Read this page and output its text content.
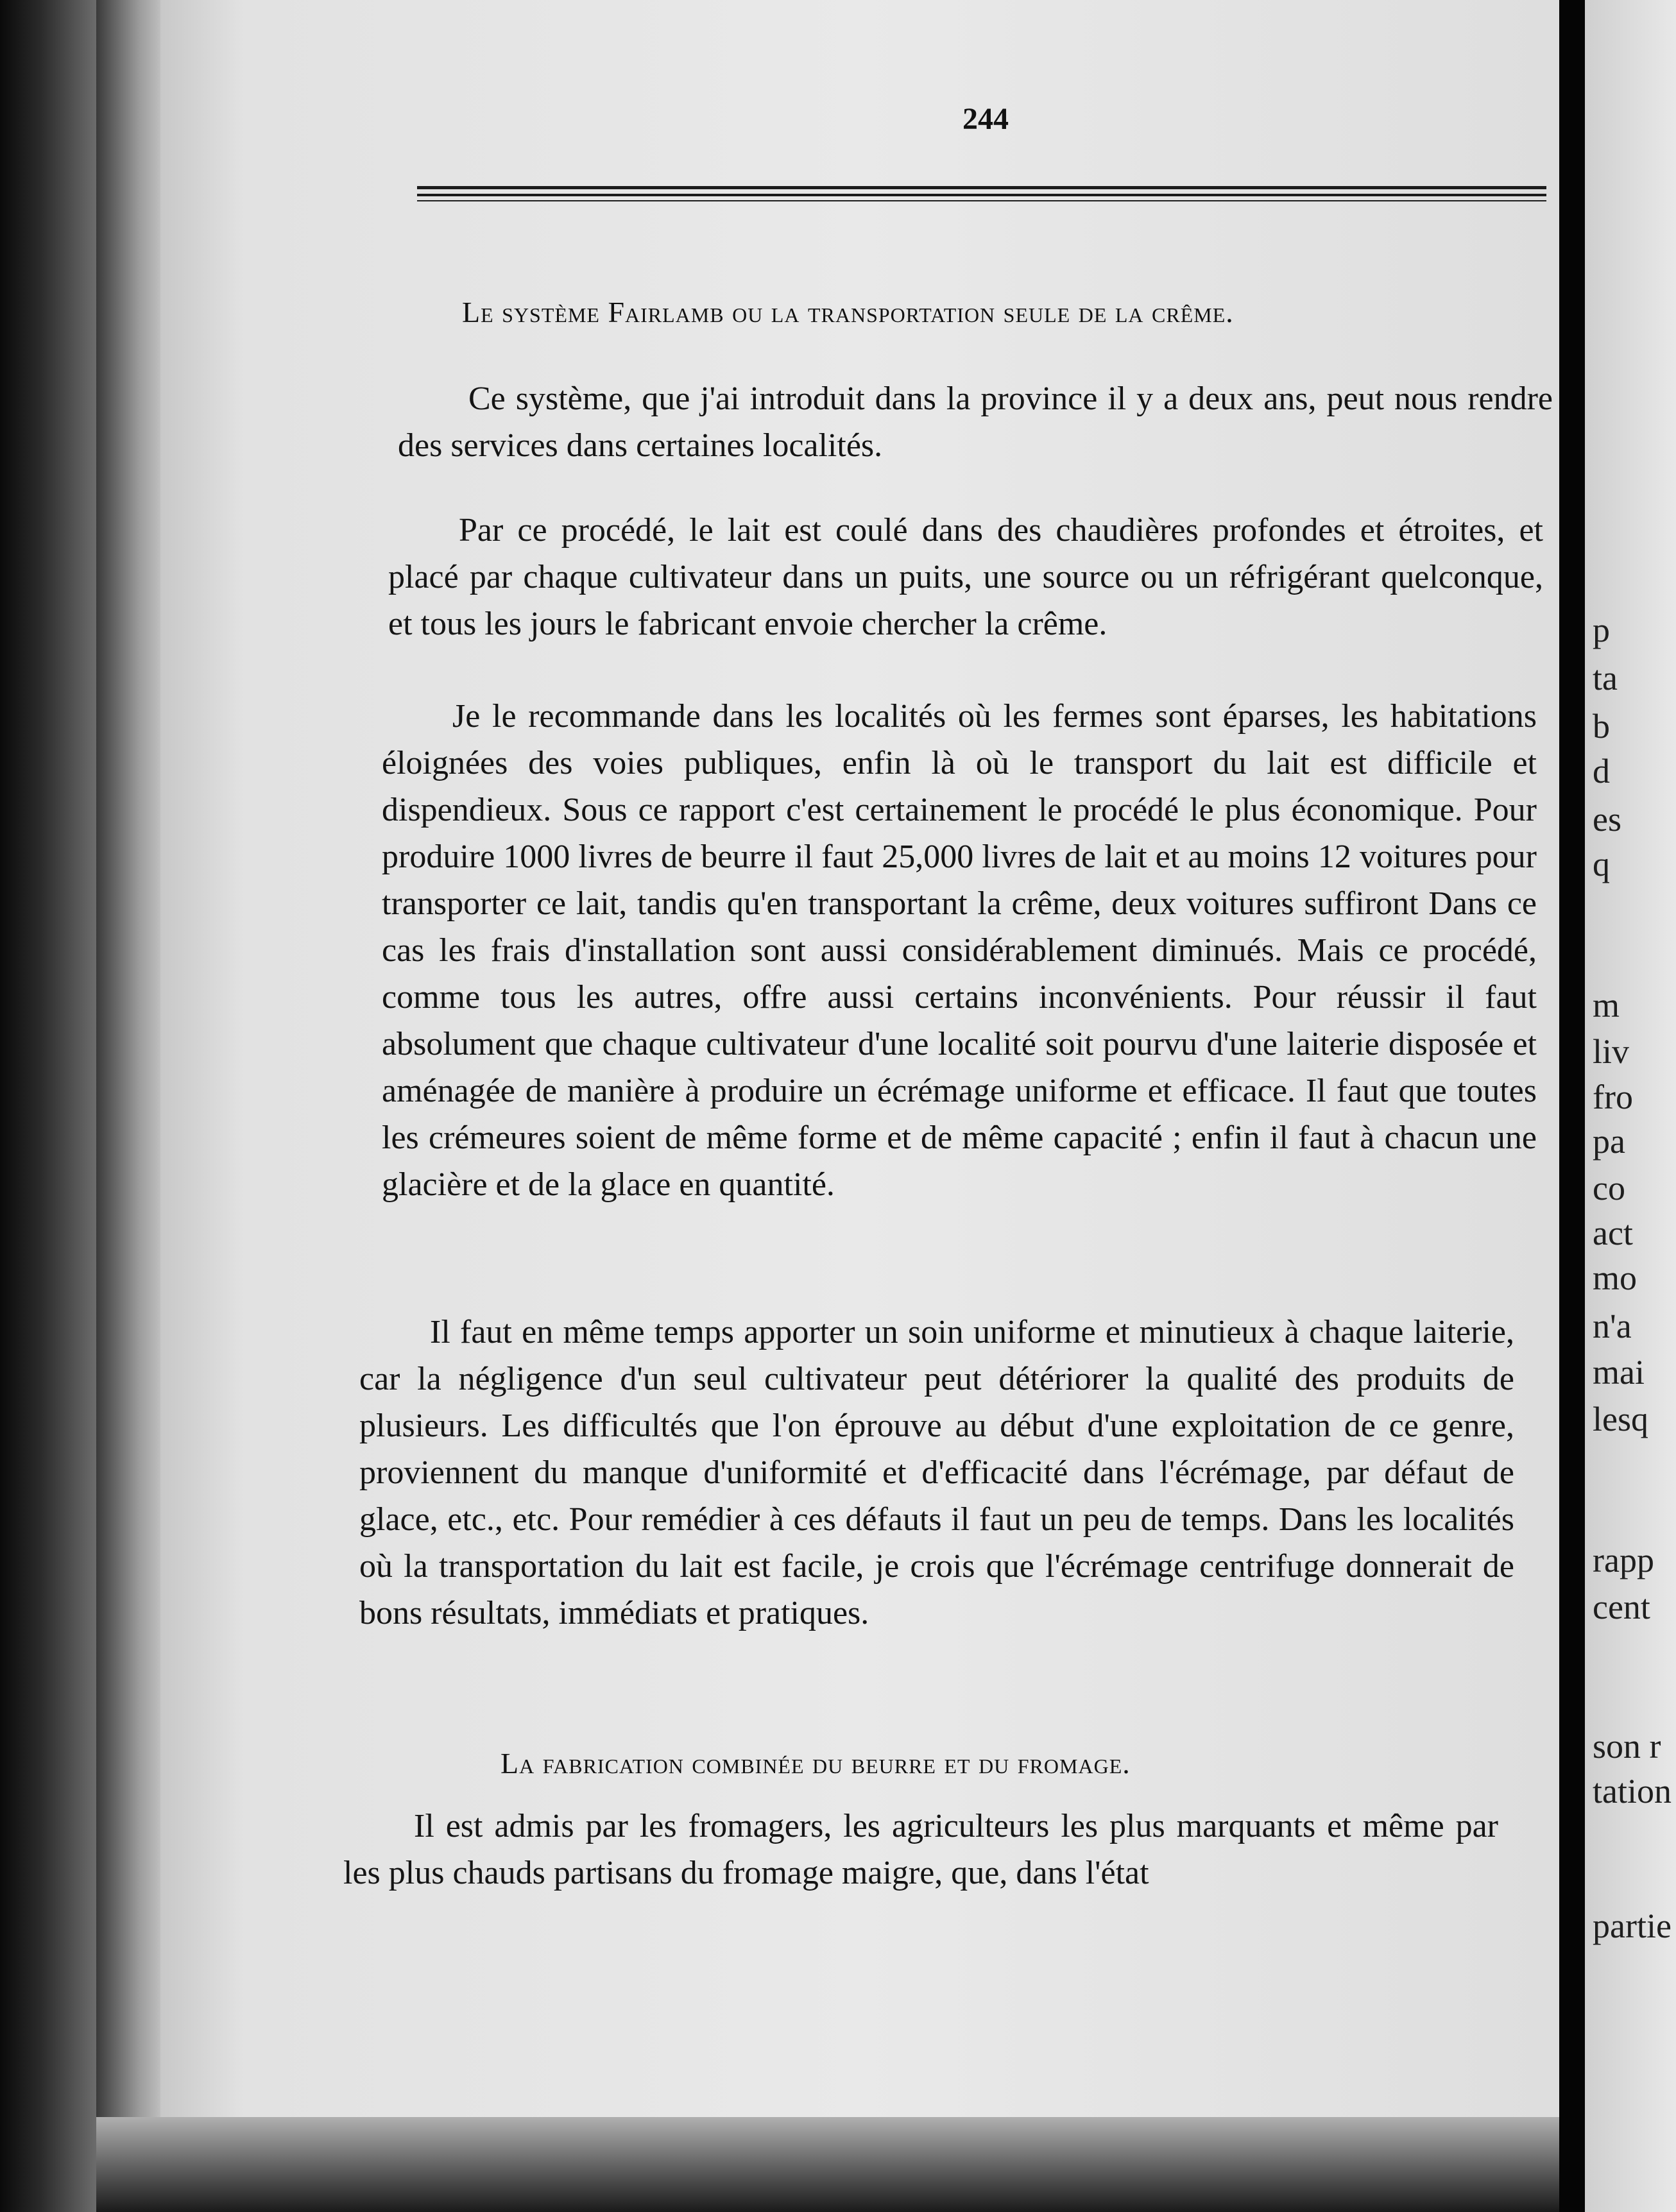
p
ta
b
d
es
q
m
liv
fro
pa
co
act
mo
n'a
mai
lesq
rapp
cent
son r
tation
partie
244
Le système Fairlamb ou la transportation seule de la crême.

Ce système, que j'ai introduit dans la province il y a deux ans, peut nous rendre des services dans certaines localités.

Par ce procédé, le lait est coulé dans des chaudières profondes et étroites, et placé par chaque cultivateur dans un puits, une source ou un réfrigérant quelconque, et tous les jours le fabricant envoie chercher la crême.

Je le recommande dans les localités où les fermes sont éparses, les habitations éloignées des voies publiques, enfin là où le transport du lait est difficile et dispendieux. Sous ce rapport c'est certainement le procédé le plus économique. Pour produire 1000 livres de beurre il faut 25,000 livres de lait et au moins 12 voitures pour transporter ce lait, tandis qu'en transportant la crême, deux voitures suffiront Dans ce cas les frais d'installation sont aussi considérablement diminués. Mais ce procédé, comme tous les autres, offre aussi certains inconvénients. Pour réussir il faut absolument que chaque cultivateur d'une localité soit pourvu d'une laiterie disposée et aménagée de manière à produire un écrémage uniforme et efficace. Il faut que toutes les crémeures soient de même forme et de même capacité ; enfin il faut à chacun une glacière et de la glace en quantité.

Il faut en même temps apporter un soin uniforme et minutieux à chaque laiterie, car la négligence d'un seul cultivateur peut détériorer la qualité des produits de plusieurs. Les difficultés que l'on éprouve au début d'une exploitation de ce genre, proviennent du manque d'uniformité et d'efficacité dans l'écrémage, par défaut de glace, etc., etc. Pour remédier à ces défauts il faut un peu de temps. Dans les localités où la transportation du lait est facile, je crois que l'écrémage centrifuge donnerait de bons résultats, immédiats et pratiques.

La fabrication combinée du beurre et du fromage.

Il est admis par les fromagers, les agriculteurs les plus marquants et même par les plus chauds partisans du fromage maigre, que, dans l'état
